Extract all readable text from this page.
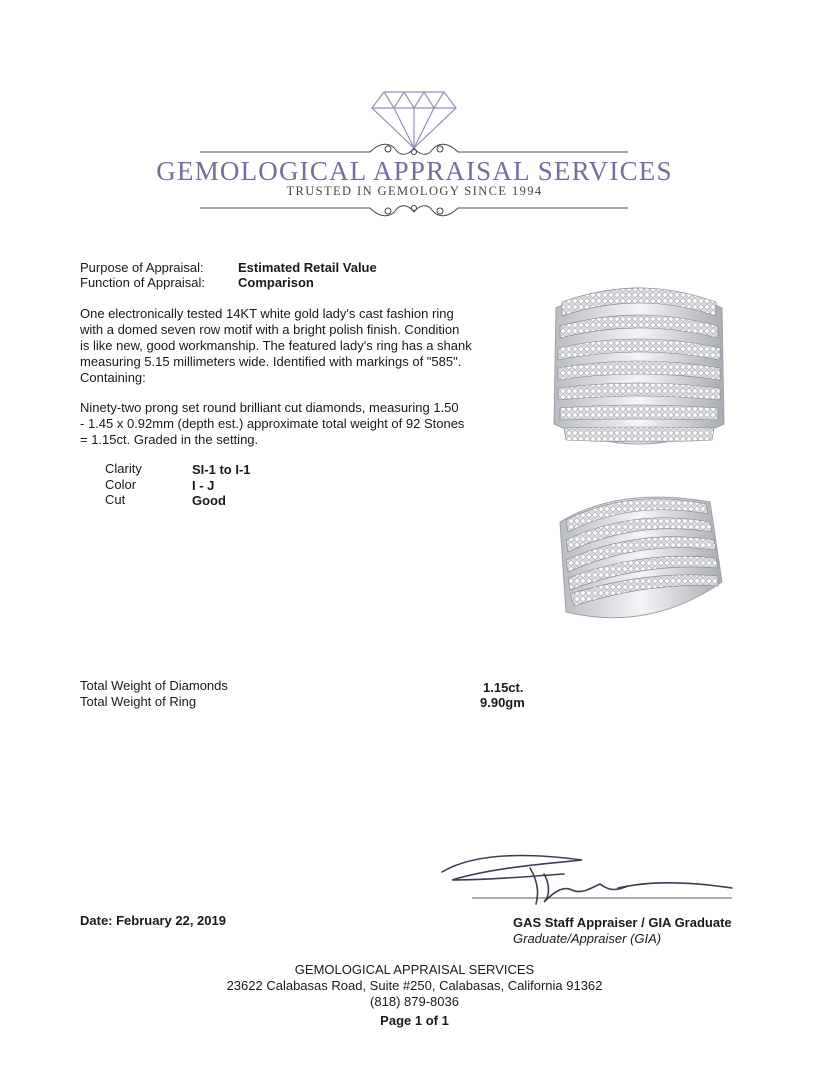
GEMOLOGICAL APPRAISAL SERVICES
TRUSTED IN GEMOLOGY SINCE 1994
Purpose of Appraisal:	Estimated Retail Value
Function of Appraisal:	Comparison
One electronically tested 14KT white gold lady's cast fashion ring
with a domed seven row motif with a bright polish finish. Condition
is like new, good workmanship. The featured lady's ring has a shank
measuring 5.15 millimeters wide. Identified with markings of "585".
Containing:
Ninety-two prong set round brilliant cut diamonds, measuring 1.50
- 1.45 x 0.92mm (depth est.) approximate total weight of 92 Stones
= 1.15ct. Graded in the setting.
Clarity	SI-1 to I-1
Color	I - J
Cut	Good
Total Weight of Diamonds	1.15ct.
Total Weight of Ring	9.90gm
Date: February 22, 2019	GAS Staff Appraiser / GIA Graduate
Graduate/Appraiser (GIA)
GEMOLOGICAL APPRAISAL SERVICES
23622 Calabasas Road, Suite #250, Calabasas, California 91362
(818) 879-8036
Page 1 of 1
